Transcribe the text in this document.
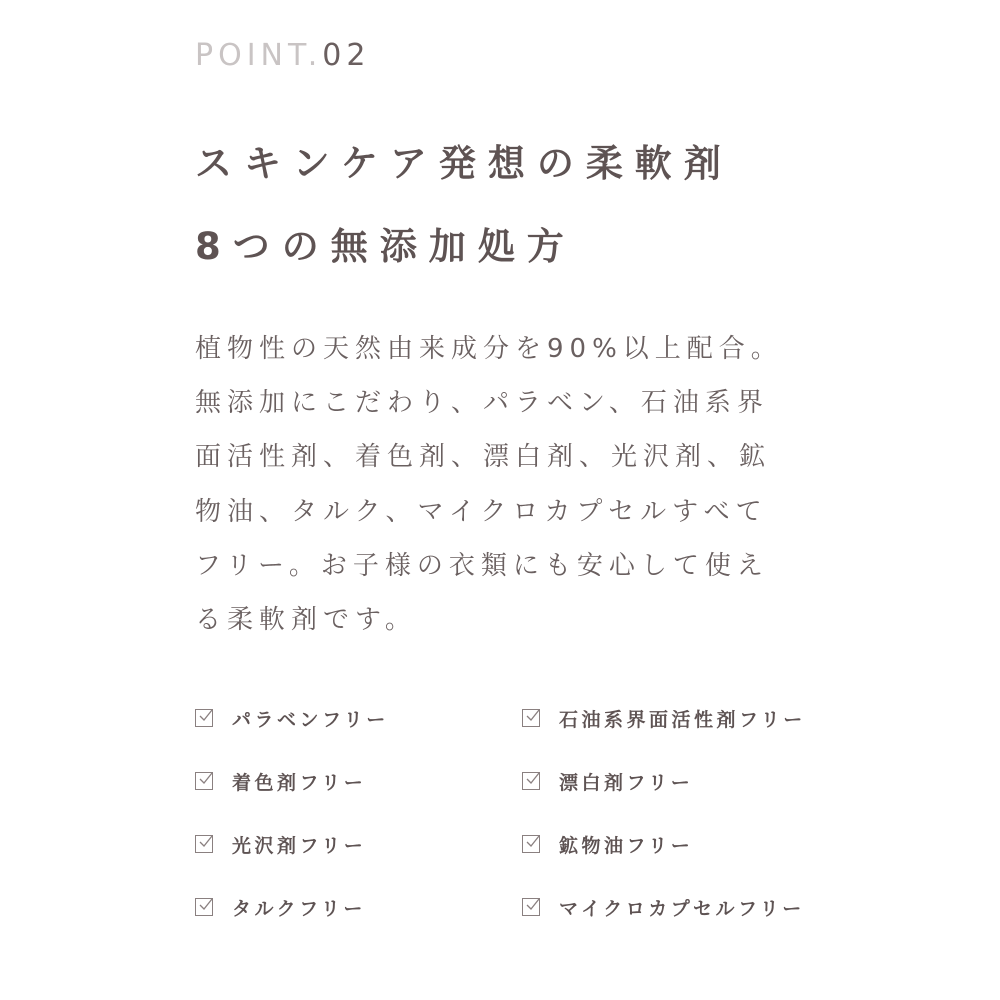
POINT.02
スキンケア発想の柔軟剤
8つの無添加処方

植物性の天然由来成分を90%以上配合。
無添加にこだわり、パラベン、石油系界
面活性剤、着色剤、漂白剤、光沢剤、鉱
物油、タルク、マイクロカプセルすべて
フリー。お子様の衣類にも安心して使え
る柔軟剤です。

パラベンフリー	石油系界面活性剤フリー
着色剤フリー	漂白剤フリー
光沢剤フリー	鉱物油フリー
タルクフリー	マイクロカプセルフリー
